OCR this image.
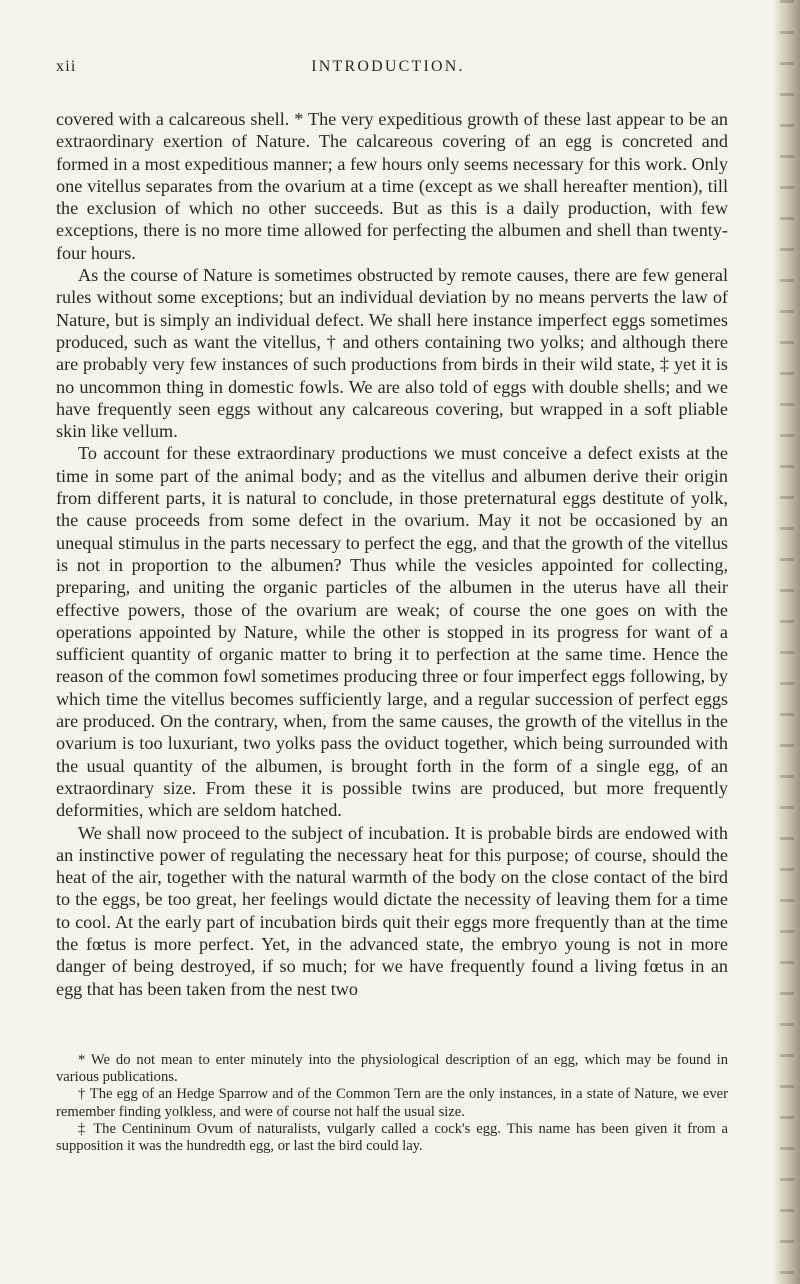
xii	INTRODUCTION.

covered with a calcareous shell. * The very expeditious growth of these last appear to be an extraordinary exertion of Nature. The calcareous covering of an egg is concreted and formed in a most expeditious manner; a few hours only seems necessary for this work. Only one vitellus separates from the ovarium at a time (except as we shall hereafter mention), till the exclusion of which no other succeeds. But as this is a daily production, with few exceptions, there is no more time allowed for perfecting the albumen and shell than twenty-four hours.

As the course of Nature is sometimes obstructed by remote causes, there are few general rules without some exceptions; but an individual deviation by no means perverts the law of Nature, but is simply an individual defect. We shall here instance imperfect eggs sometimes produced, such as want the vitellus, † and others containing two yolks; and although there are probably very few instances of such productions from birds in their wild state, ‡ yet it is no uncommon thing in domestic fowls. We are also told of eggs with double shells; and we have frequently seen eggs without any calcareous covering, but wrapped in a soft pliable skin like vellum.

To account for these extraordinary productions we must conceive a defect exists at the time in some part of the animal body; and as the vitellus and albumen derive their origin from different parts, it is natural to conclude, in those preternatural eggs destitute of yolk, the cause proceeds from some defect in the ovarium. May it not be occasioned by an unequal stimulus in the parts necessary to perfect the egg, and that the growth of the vitellus is not in proportion to the albumen? Thus while the vesicles appointed for collecting, preparing, and uniting the organic particles of the albumen in the uterus have all their effective powers, those of the ovarium are weak; of course the one goes on with the operations appointed by Nature, while the other is stopped in its progress for want of a sufficient quantity of organic matter to bring it to perfection at the same time. Hence the reason of the common fowl sometimes producing three or four imperfect eggs following, by which time the vitellus becomes sufficiently large, and a regular succession of perfect eggs are produced. On the contrary, when, from the same causes, the growth of the vitellus in the ovarium is too luxuriant, two yolks pass the oviduct together, which being surrounded with the usual quantity of the albumen, is brought forth in the form of a single egg, of an extraordinary size. From these it is possible twins are produced, but more frequently deformities, which are seldom hatched.

We shall now proceed to the subject of incubation. It is probable birds are endowed with an instinctive power of regulating the necessary heat for this purpose; of course, should the heat of the air, together with the natural warmth of the body on the close contact of the bird to the eggs, be too great, her feelings would dictate the necessity of leaving them for a time to cool. At the early part of incubation birds quit their eggs more frequently than at the time the fœtus is more perfect. Yet, in the advanced state, the embryo young is not in more danger of being destroyed, if so much; for we have frequently found a living fœtus in an egg that has been taken from the nest two

* We do not mean to enter minutely into the physiological description of an egg, which may be found in various publications.

† The egg of an Hedge Sparrow and of the Common Tern are the only instances, in a state of Nature, we ever remember finding yolkless, and were of course not half the usual size.

‡ The Centininum Ovum of naturalists, vulgarly called a cock's egg. This name has been given it from a supposition it was the hundredth egg, or last the bird could lay.
